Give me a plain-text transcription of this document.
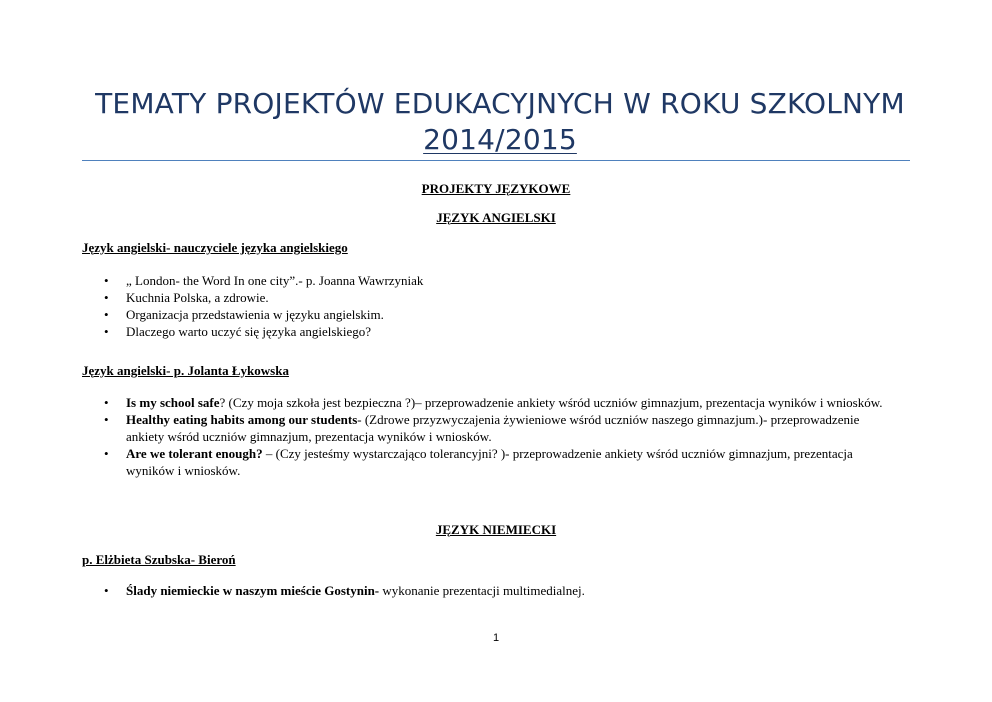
TEMATY PROJEKTÓW EDUKACYJNYCH W ROKU SZKOLNYM
2014/2015
PROJEKTY JĘZYKOWE
JĘZYK ANGIELSKI
Język angielski- nauczyciele języka angielskiego
• „ London- the Word In one city”.- p. Joanna Wawrzyniak
• Kuchnia Polska, a zdrowie.
• Organizacja przedstawienia w języku angielskim.
• Dlaczego warto uczyć się języka angielskiego?
Język angielski- p. Jolanta Łykowska
• Is my school safe? (Czy moja szkoła jest bezpieczna ?)– przeprowadzenie ankiety wśród uczniów gimnazjum, prezentacja wyników i wniosków.
• Healthy eating habits among our students- (Zdrowe przyzwyczajenia żywieniowe wśród uczniów naszego gimnazjum.)- przeprowadzenie ankiety wśród uczniów gimnazjum, prezentacja wyników i wniosków.
• Are we tolerant enough? – (Czy jesteśmy wystarczająco tolerancyjni? )- przeprowadzenie ankiety wśród uczniów gimnazjum, prezentacja wyników i wniosków.
JĘZYK NIEMIECKI
p. Elżbieta Szubska- Bieroń
• Ślady niemieckie w naszym mieście Gostynin- wykonanie prezentacji multimedialnej.
1
